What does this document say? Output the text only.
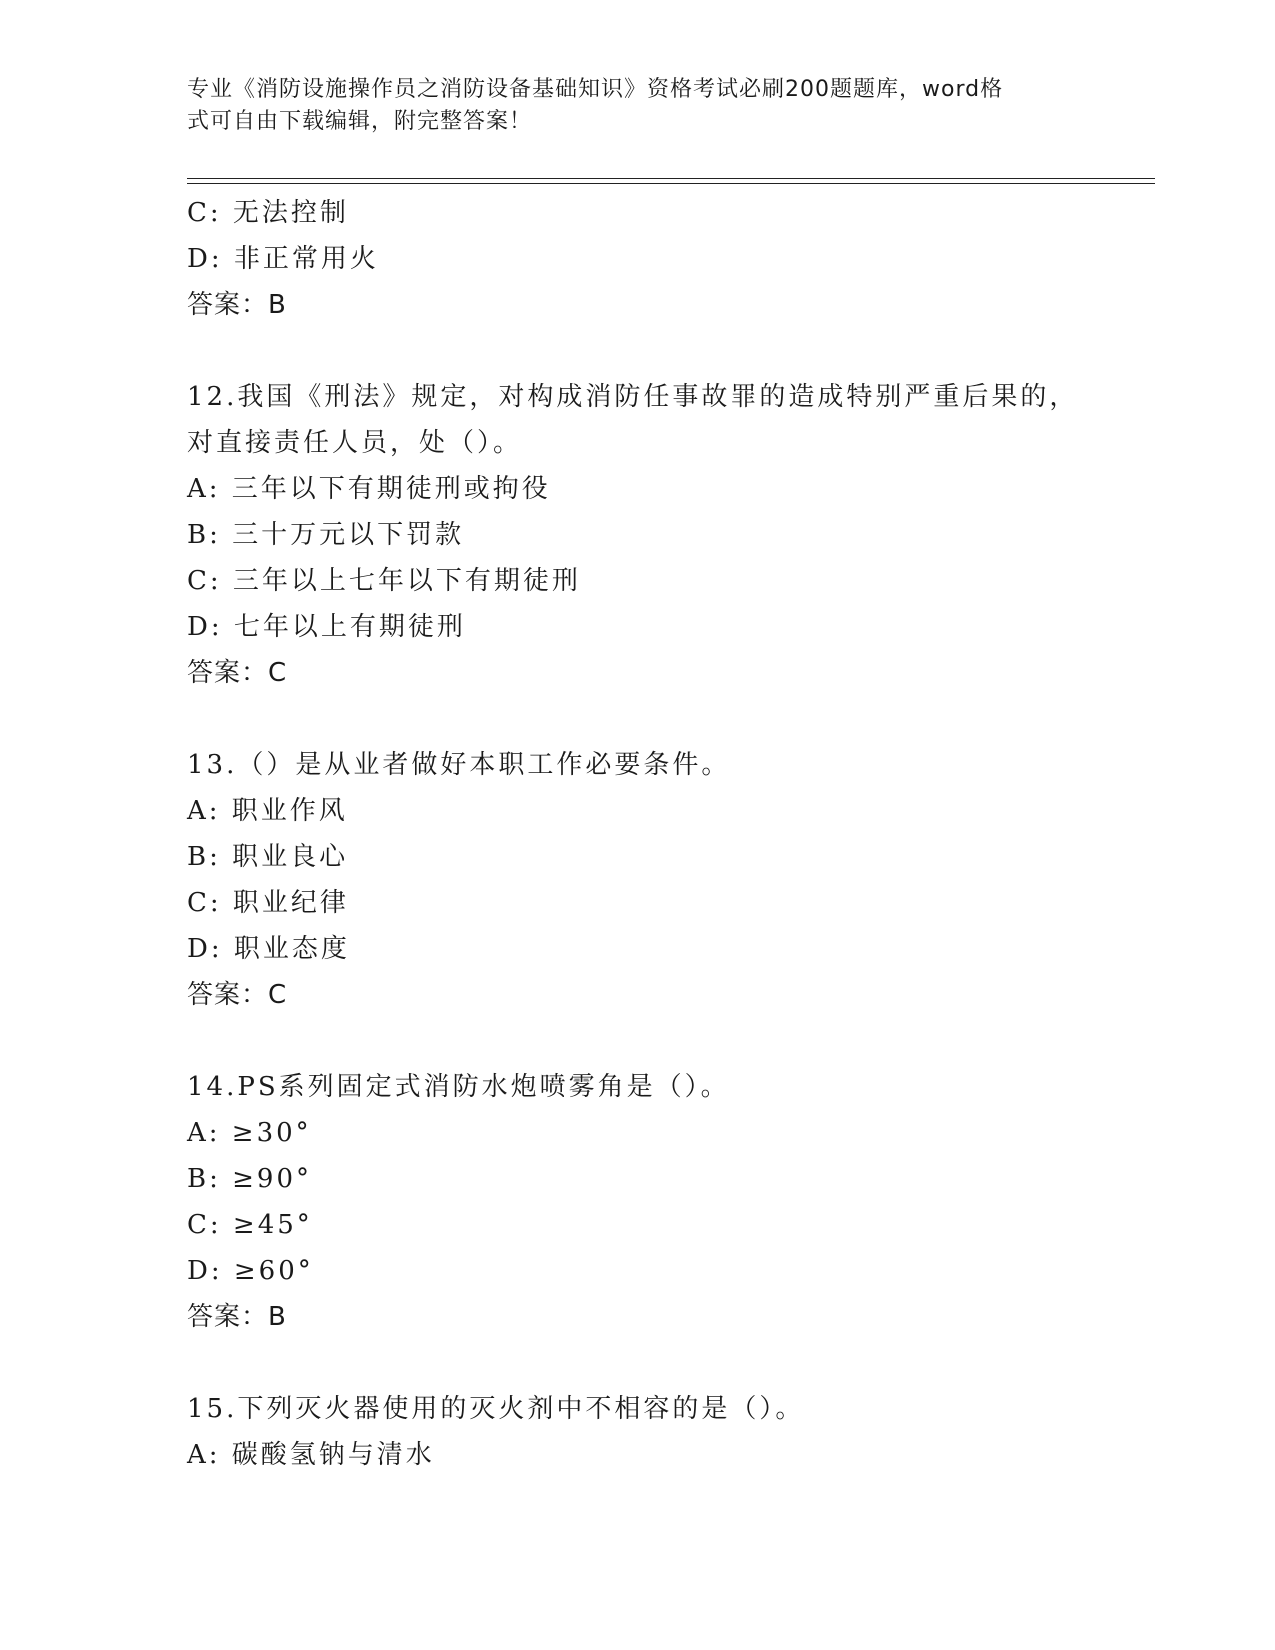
专业《消防设施操作员之消防设备基础知识》资格考试必刷200题题库，word格
式可自由下载编辑，附完整答案！
C: 无法控制
D: 非正常用火
答案：B
12.我国《刑法》规定，对构成消防任事故罪的造成特别严重后果的，
对直接责任人员，处（）。
A: 三年以下有期徒刑或拘役
B: 三十万元以下罚款
C: 三年以上七年以下有期徒刑
D: 七年以上有期徒刑
答案：C
13.（）是从业者做好本职工作必要条件。
A: 职业作风
B: 职业良心
C: 职业纪律
D: 职业态度
答案：C
14.PS系列固定式消防水炮喷雾角是（）。
A: ≥30°
B: ≥90°
C: ≥45°
D: ≥60°
答案：B
15.下列灭火器使用的灭火剂中不相容的是（）。
A: 碳酸氢钠与清水
